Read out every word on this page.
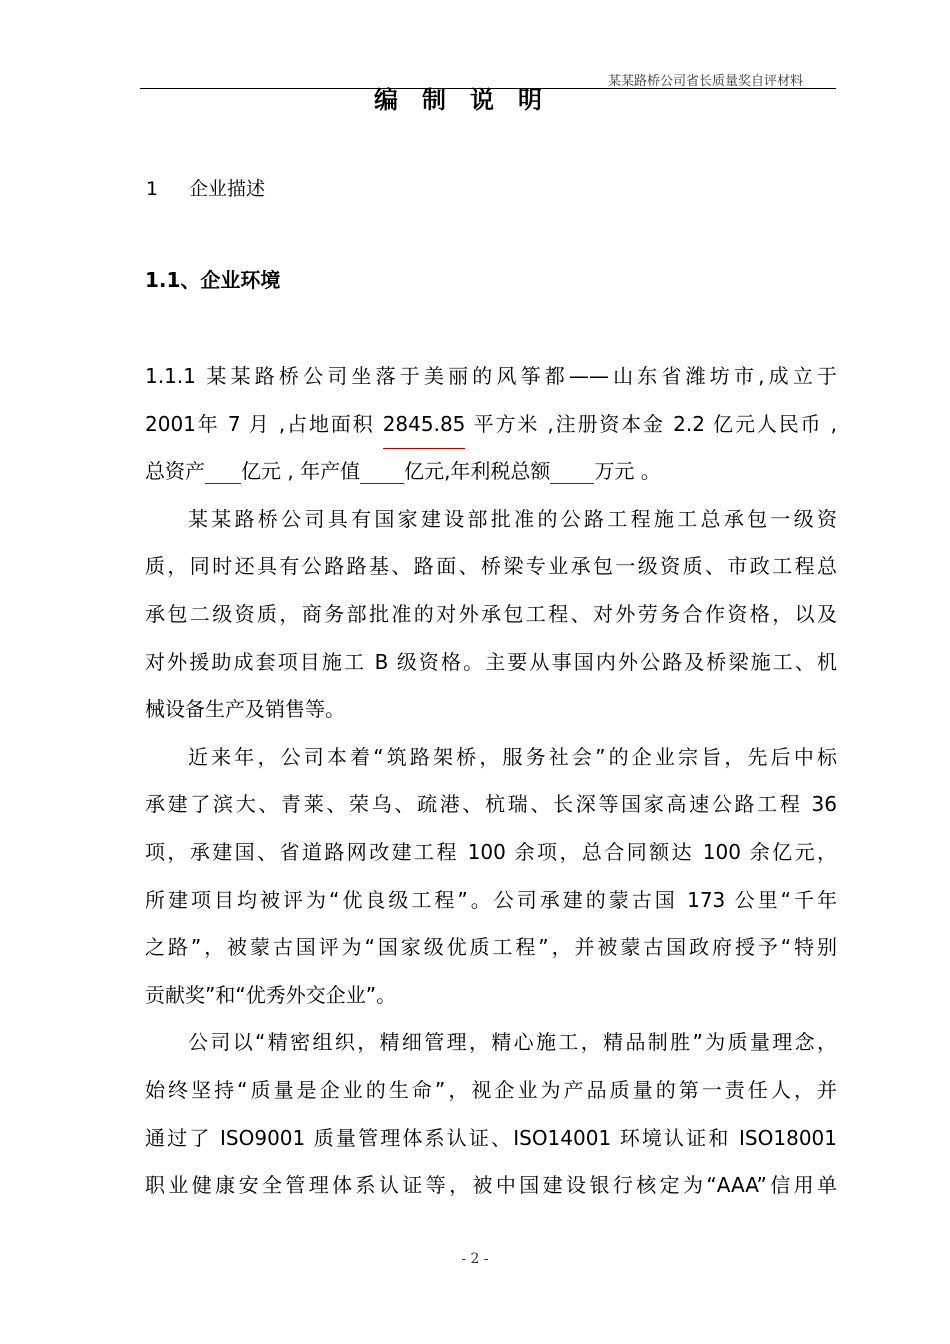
某某路桥公司省长质量奖自评材料
编制说明
1 企业描述
1.1、企业环境

1.1.1 某某路桥公司坐落于美丽的风筝都——山东省潍坊市,成立于
2001年 7 月 ,占地面积 2845.85 平方米 ,注册资本金 2.2 亿元人民币 ,
总资产 亿元 , 年产值 亿元,年利税总额 万元 。

某某路桥公司具有国家建设部批准的公路工程施工总承包一级资
质，同时还具有公路路基、路面、桥梁专业承包一级资质、市政工程总
承包二级资质，商务部批准的对外承包工程、对外劳务合作资格，以及
对外援助成套项目施工 B 级资格。主要从事国内外公路及桥梁施工、机
械设备生产及销售等。

近来年，公司本着“筑路架桥，服务社会”的企业宗旨，先后中标
承建了滨大、青莱、荣乌、疏港、杭瑞、长深等国家高速公路工程 36
项，承建国、省道路网改建工程 100 余项，总合同额达 100 余亿元，
所建项目均被评为“优良级工程”。公司承建的蒙古国 173 公里“千年
之路”，被蒙古国评为“国家级优质工程”，并被蒙古国政府授予“特别
贡献奖”和“优秀外交企业”。

公司以“精密组织，精细管理，精心施工，精品制胜”为质量理念，
始终坚持“质量是企业的生命”，视企业为产品质量的第一责任人，并
通过了 ISO9001 质量管理体系认证、ISO14001 环境认证和 ISO18001
职业健康安全管理体系认证等，被中国建设银行核定为“AAA”信用单

- 2 -
